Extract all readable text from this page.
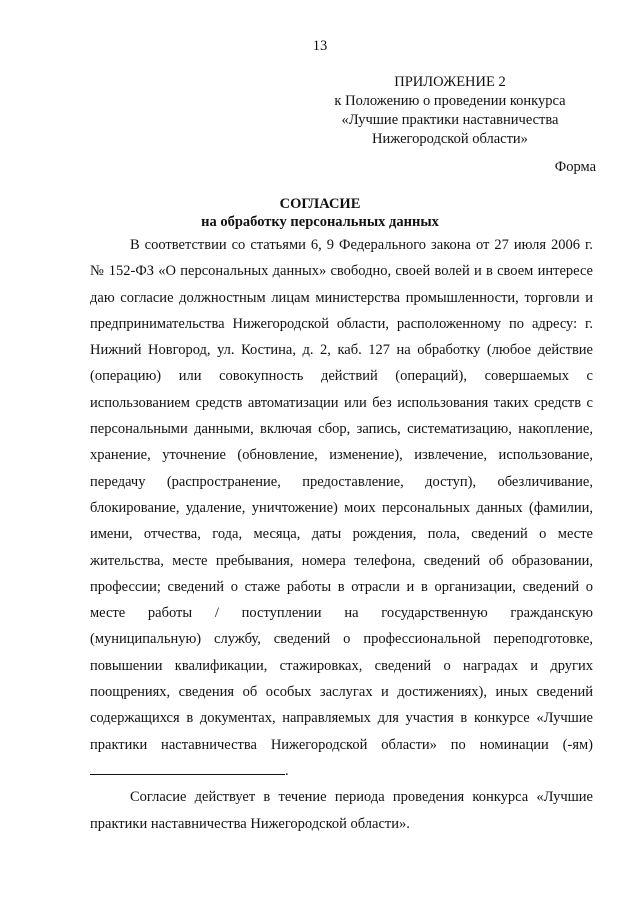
13
ПРИЛОЖЕНИЕ 2
к Положению о проведении конкурса
«Лучшие практики наставничества
Нижегородской области»
Форма
СОГЛАСИЕ
на обработку персональных данных

В соответствии со статьями 6, 9 Федерального закона от 27 июля 2006 г. № 152-ФЗ «О персональных данных» свободно, своей волей и в своем интересе даю согласие должностным лицам министерства промышленности, торговли и предпринимательства Нижегородской области, расположенному по адресу: г. Нижний Новгород, ул. Костина, д. 2, каб. 127 на обработку (любое действие (операцию) или совокупность действий (операций), совершаемых с использованием средств автоматизации или без использования таких средств с персональными данными, включая сбор, запись, систематизацию, накопление, хранение, уточнение (обновление, изменение), извлечение, использование, передачу (распространение, предоставление, доступ), обезличивание, блокирование, удаление, уничтожение) моих персональных данных (фамилии, имени, отчества, года, месяца, даты рождения, пола, сведений о месте жительства, месте пребывания, номера телефона, сведений об образовании, профессии; сведений о стаже работы в отрасли и в организации, сведений о месте работы / поступлении на государственную гражданскую (муниципальную) службу, сведений о профессиональной переподготовке, повышении квалификации, стажировках, сведений о наградах и других поощрениях, сведения об особых заслугах и достижениях), иных сведений содержащихся в документах, направляемых для участия в конкурсе «Лучшие практики наставничества Нижегородской области» по номинации (-ям) .

Согласие действует в течение периода проведения конкурса «Лучшие практики наставничества Нижегородской области».
